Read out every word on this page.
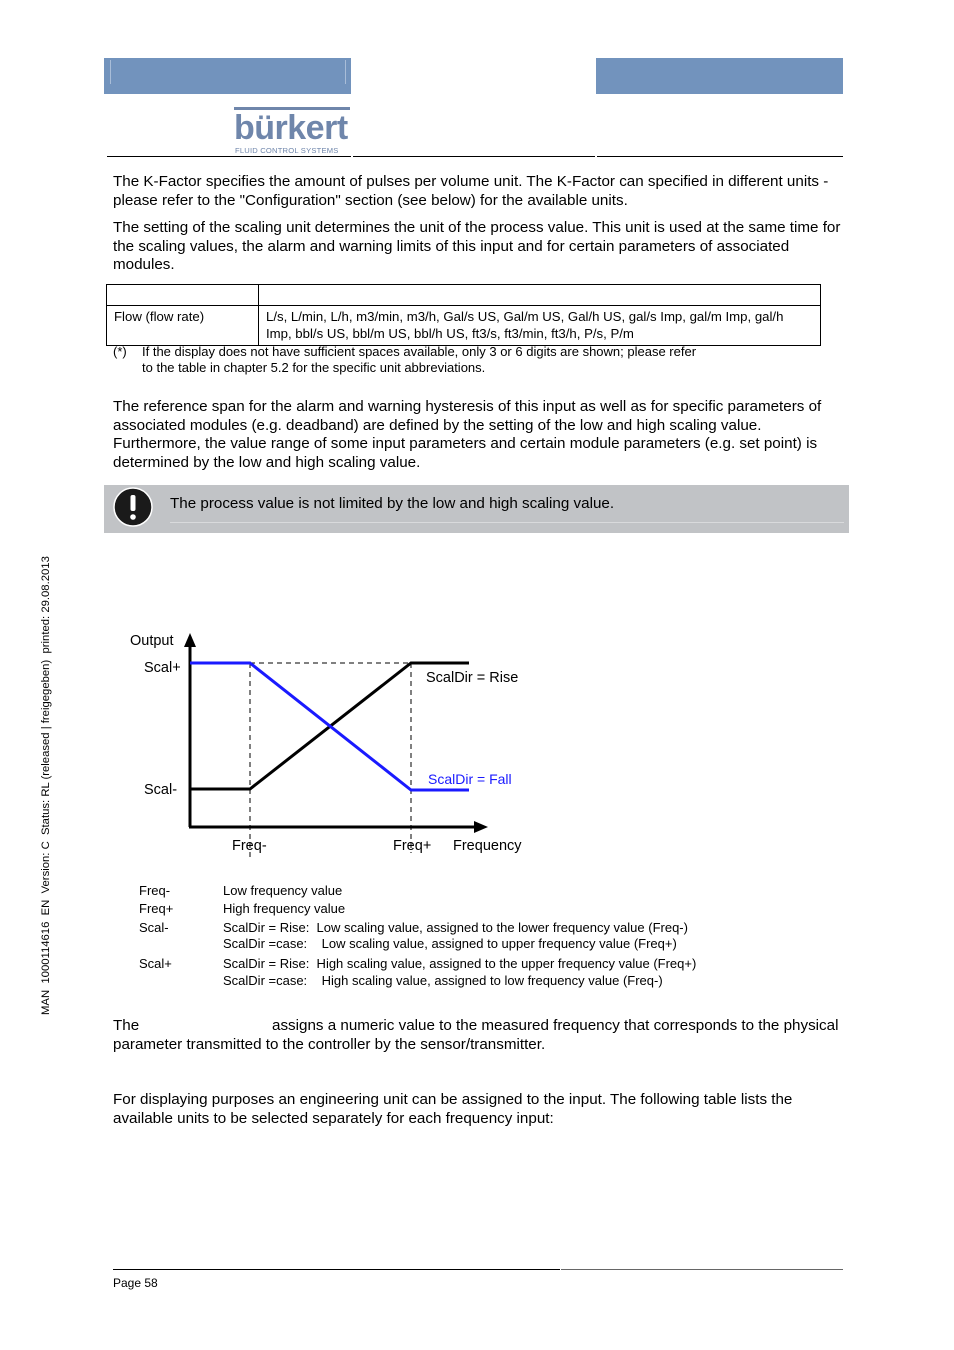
bürkert
FLUID CONTROL SYSTEMS
MAN  1000114616  EN  Version: C  Status: RL (released | freigegeben)  printed: 29.08.2013
The K-Factor specifies the amount of pulses per volume unit. The K-Factor can specified in different units - please refer to the "Configuration" section (see below) for the available units.
The setting of the scaling unit determines the unit of the process value. This unit is used at the same time for the scaling values, the alarm and warning limits of this input and for certain parameters of associated modules.

Flow (flow rate)	L/s, L/min, L/h, m3/min, m3/h, Gal/s US, Gal/m US, Gal/h US, gal/s Imp, gal/m Imp, gal/h Imp, bbl/s US, bbl/m US, bbl/h US, ft3/s, ft3/min, ft3/h, P/s, P/m
(*) If the display does not have sufficient spaces available, only 3 or 6 digits are shown; please refer
to the table in chapter 5.2 for the specific unit abbreviations.
The reference span for the alarm and warning hysteresis of this input as well as for specific parameters of associated modules (e.g. deadband) are defined by the setting of the low and high scaling value. Furthermore, the value range of some input parameters and certain module parameters (e.g. set point) is determined by the low and high scaling value.
The process value is not limited by the low and high scaling value.
Output
Scal+
Scal-
ScalDir = Rise
ScalDir = Fall
Freq-	Freq+ Frequency
Freq-	Low frequency value
Freq+	High frequency value
Scal-	ScalDir = Rise:  Low scaling value, assigned to the lower frequency value (Freq-)
ScalDir =case:    Low scaling value, assigned to upper frequency value (Freq+)
Scal+	ScalDir = Rise:  High scaling value, assigned to the upper frequency value (Freq+)
ScalDir =case:    High scaling value, assigned to low frequency value (Freq-)
The	assigns a numeric value to the measured frequency that corresponds to the physical parameter transmitted to the controller by the sensor/transmitter.
For displaying purposes an engineering unit can be assigned to the input. The following table lists the available units to be selected separately for each frequency input:
Page 58
